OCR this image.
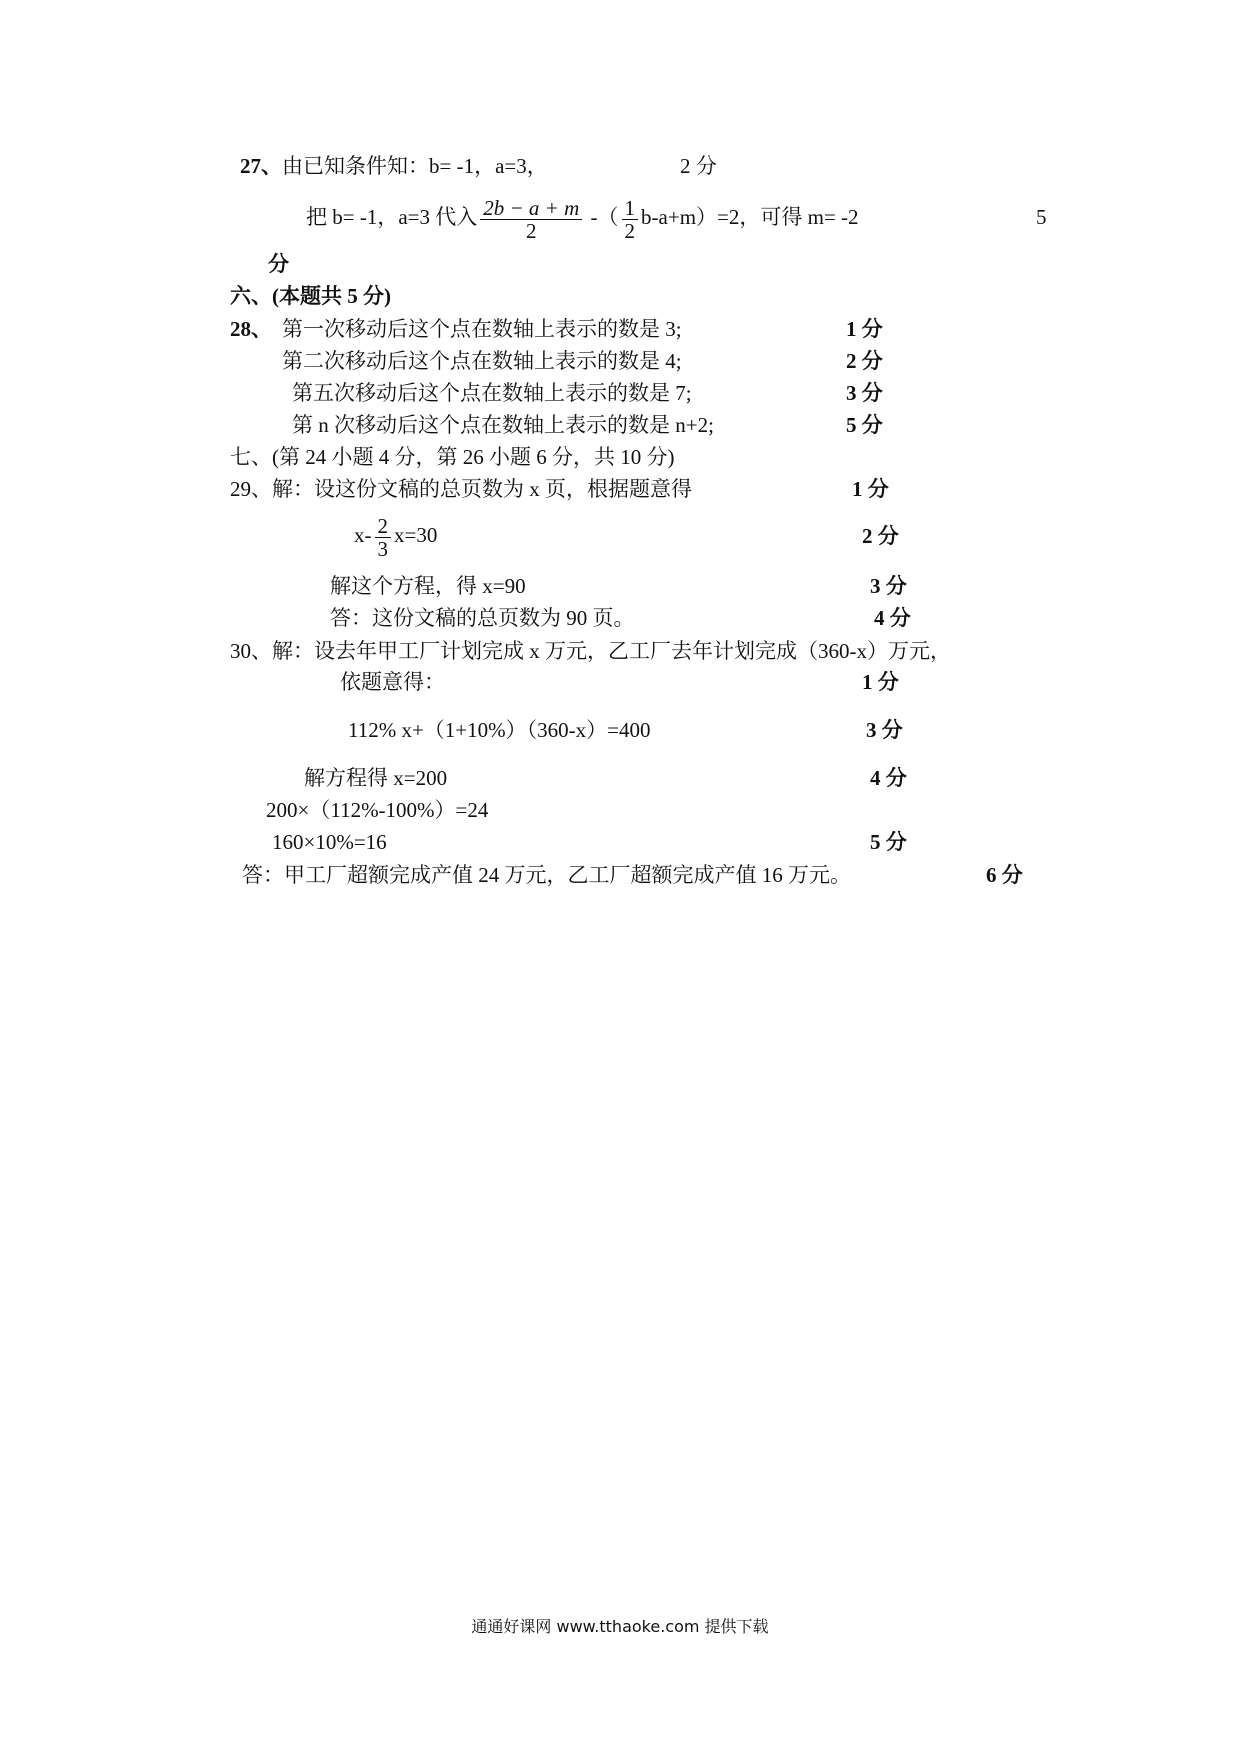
27、由已知条件知：b= -1，a=3，	2 分
把 b= -1，a=3 代入 $\frac{2b - a + m}{2}$ -（ $\frac{1}{2} b-a+m)=2$，可得 m= -2	5
分
六、(本题共 5 分)
28、 第一次移动后这个点在数轴上表示的数是 3;	1 分
第二次移动后这个点在数轴上表示的数是 4;	2 分
第五次移动后这个点在数轴上表示的数是 7;	3 分
第 n 次移动后这个点在数轴上表示的数是 n+2;	5 分
七、(第 24 小题 4 分，第 26 小题 6 分，共 10 分)
29、解：设这份文稿的总页数为 x 页，根据题意得	1 分
$x- \frac{2}{3} x=30$	2 分
解这个方程，得 x=90	3 分
答：这份文稿的总页数为 90 页。	4 分
30、解：设去年甲工厂计划完成 x 万元，乙工厂去年计划完成（360-x）万元，
依题意得：	1 分
112% x+（1+10%）（360-x）=400	3 分
解方程得 x=200	4 分
200×（112%-100%）=24
160×10%=16	5 分
答：甲工厂超额完成产值 24 万元，乙工厂超额完成产值 16 万元。	6 分
通通好课网 www.tthaoke.com 提供下载
